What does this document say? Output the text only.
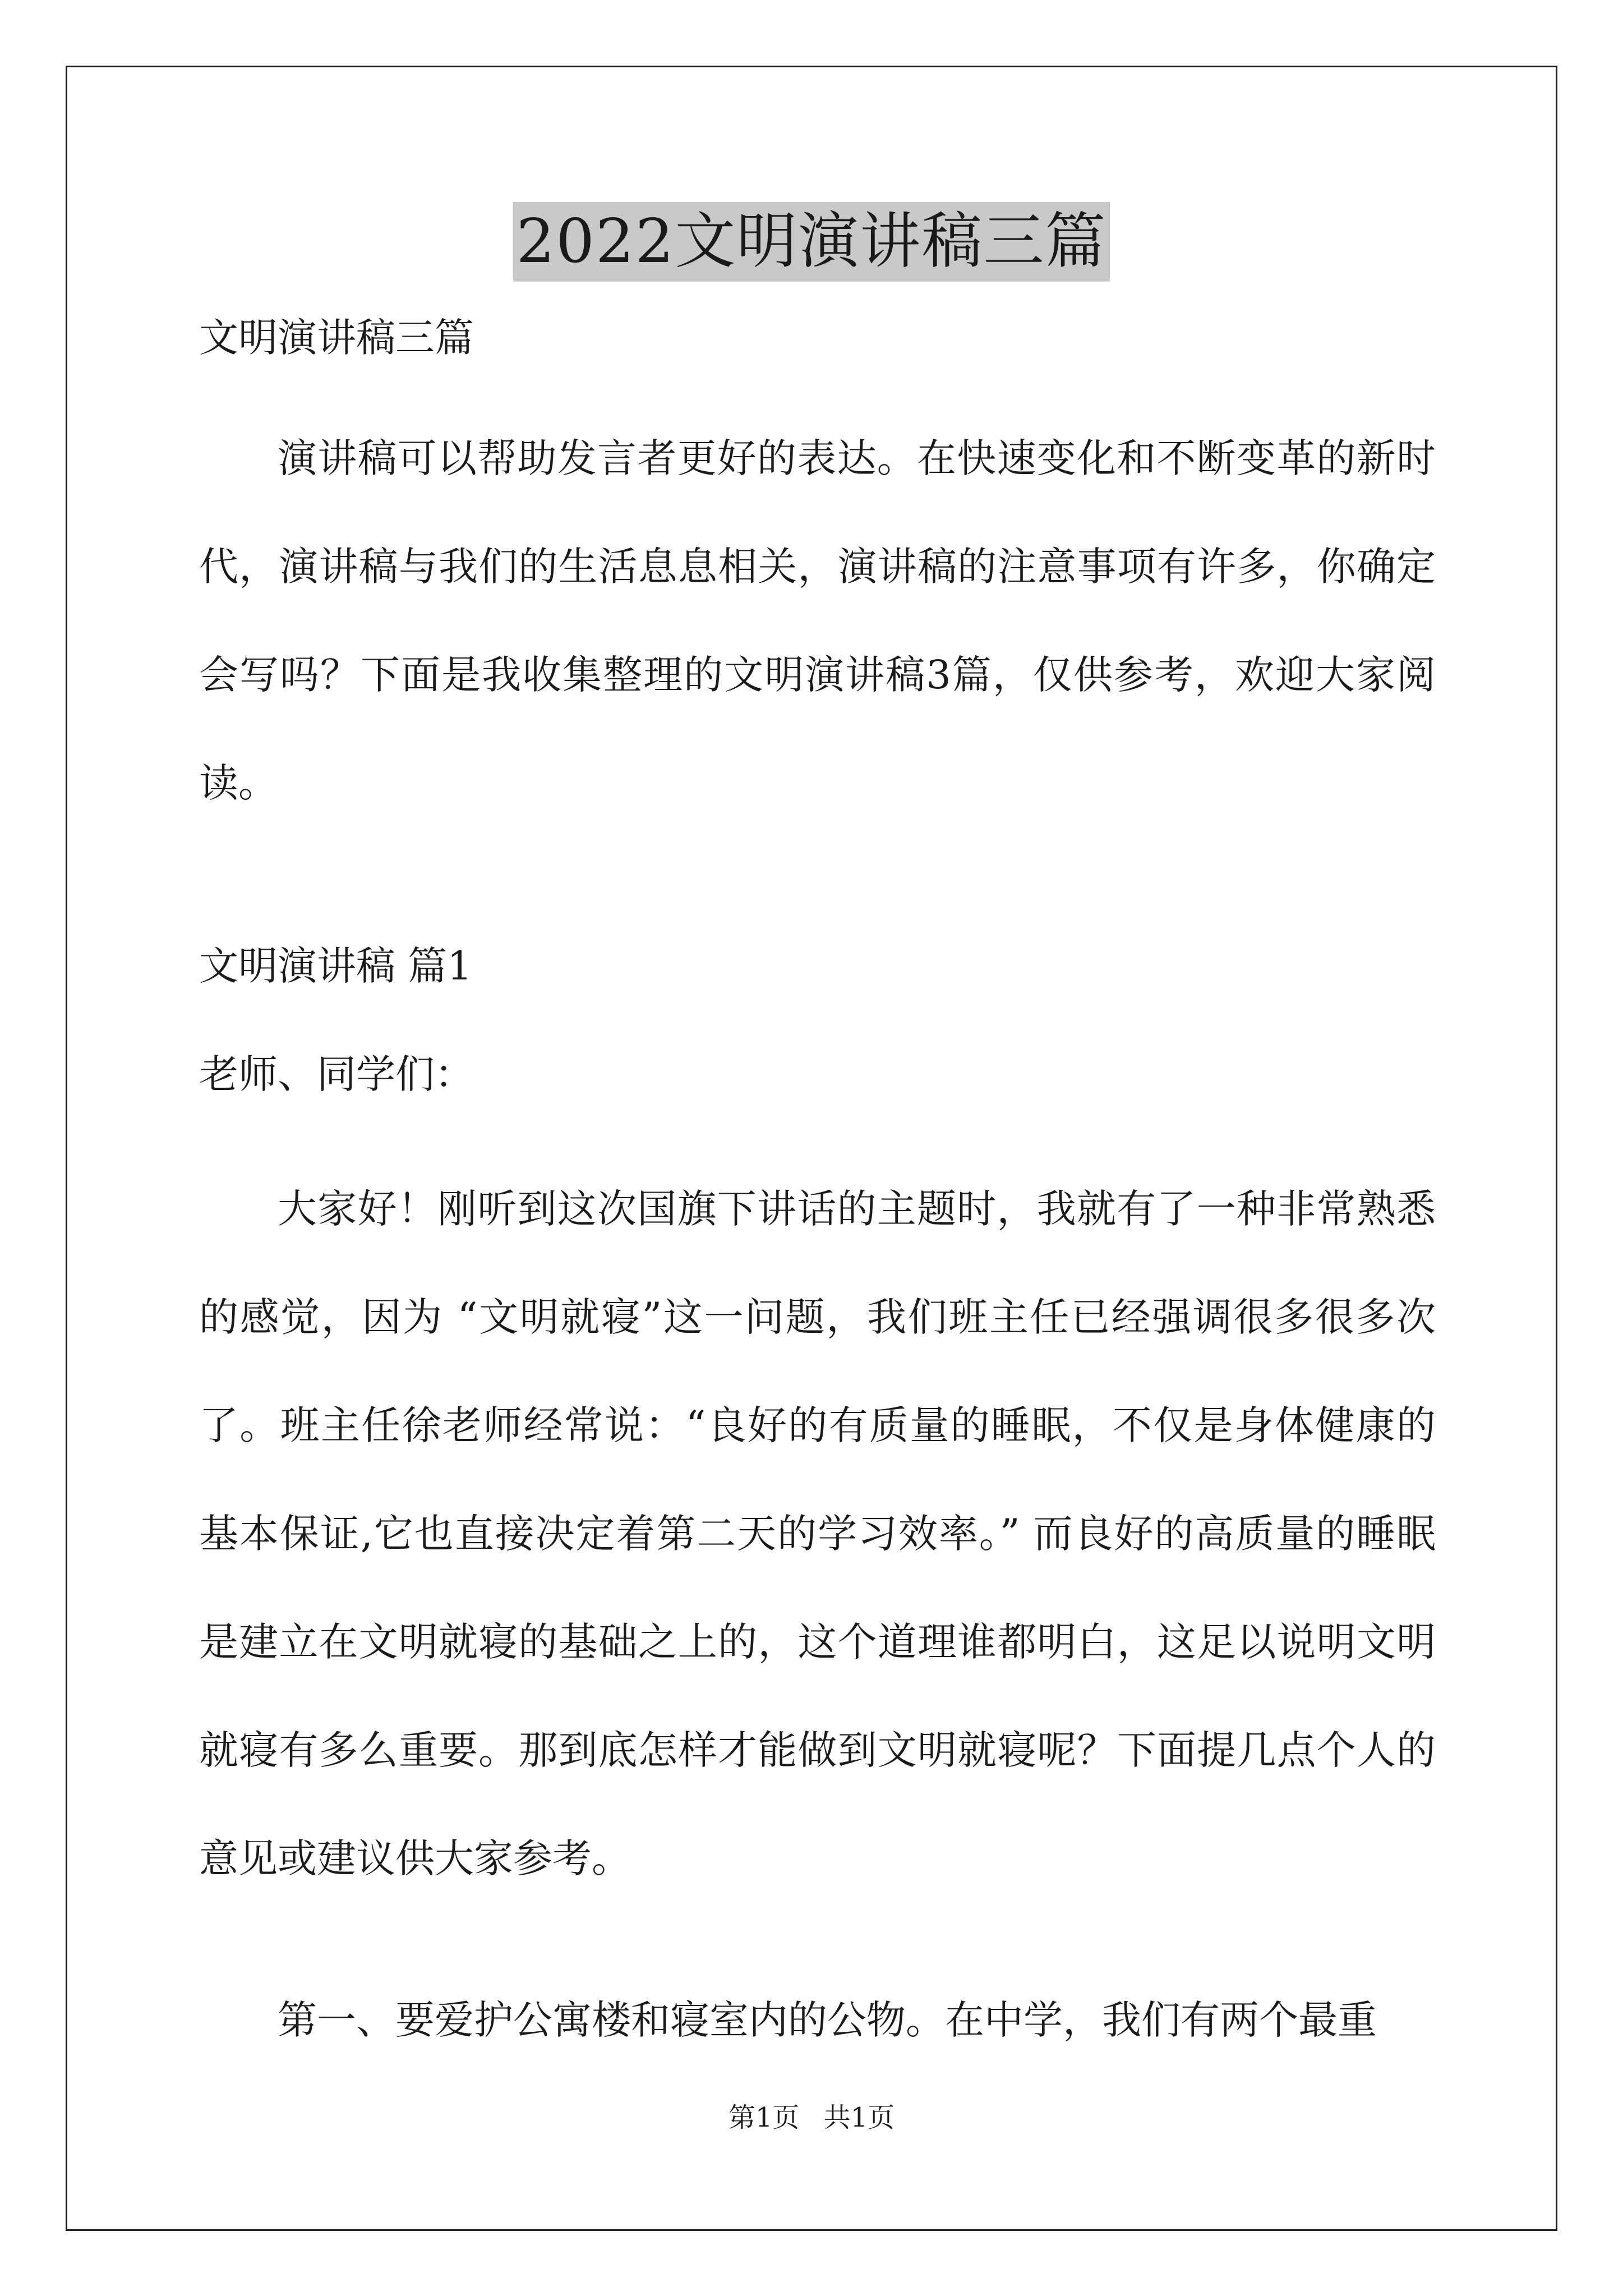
2022文明演讲稿三篇

文明演讲稿三篇

演讲稿可以帮助发言者更好的表达。在快速变化和不断变革的新时代，演讲稿与我们的生活息息相关，演讲稿的注意事项有许多，你确定会写吗？下面是我收集整理的文明演讲稿3篇，仅供参考，欢迎大家阅读。

文明演讲稿 篇1

老师、同学们：

大家好！刚听到这次国旗下讲话的主题时，我就有了一种非常熟悉的感觉，因为 “文明就寝”这一问题，我们班主任已经强调很多很多次了。班主任徐老师经常说：“良好的有质量的睡眠，不仅是身体健康的基本保证,它也直接决定着第二天的学习效率。” 而良好的高质量的睡眠是建立在文明就寝的基础之上的，这个道理谁都明白，这足以说明文明就寝有多么重要。那到底怎样才能做到文明就寝呢？下面提几点个人的意见或建议供大家参考。

第一、要爱护公寓楼和寝室内的公物。在中学，我们有两个最重

第1页 共1页
